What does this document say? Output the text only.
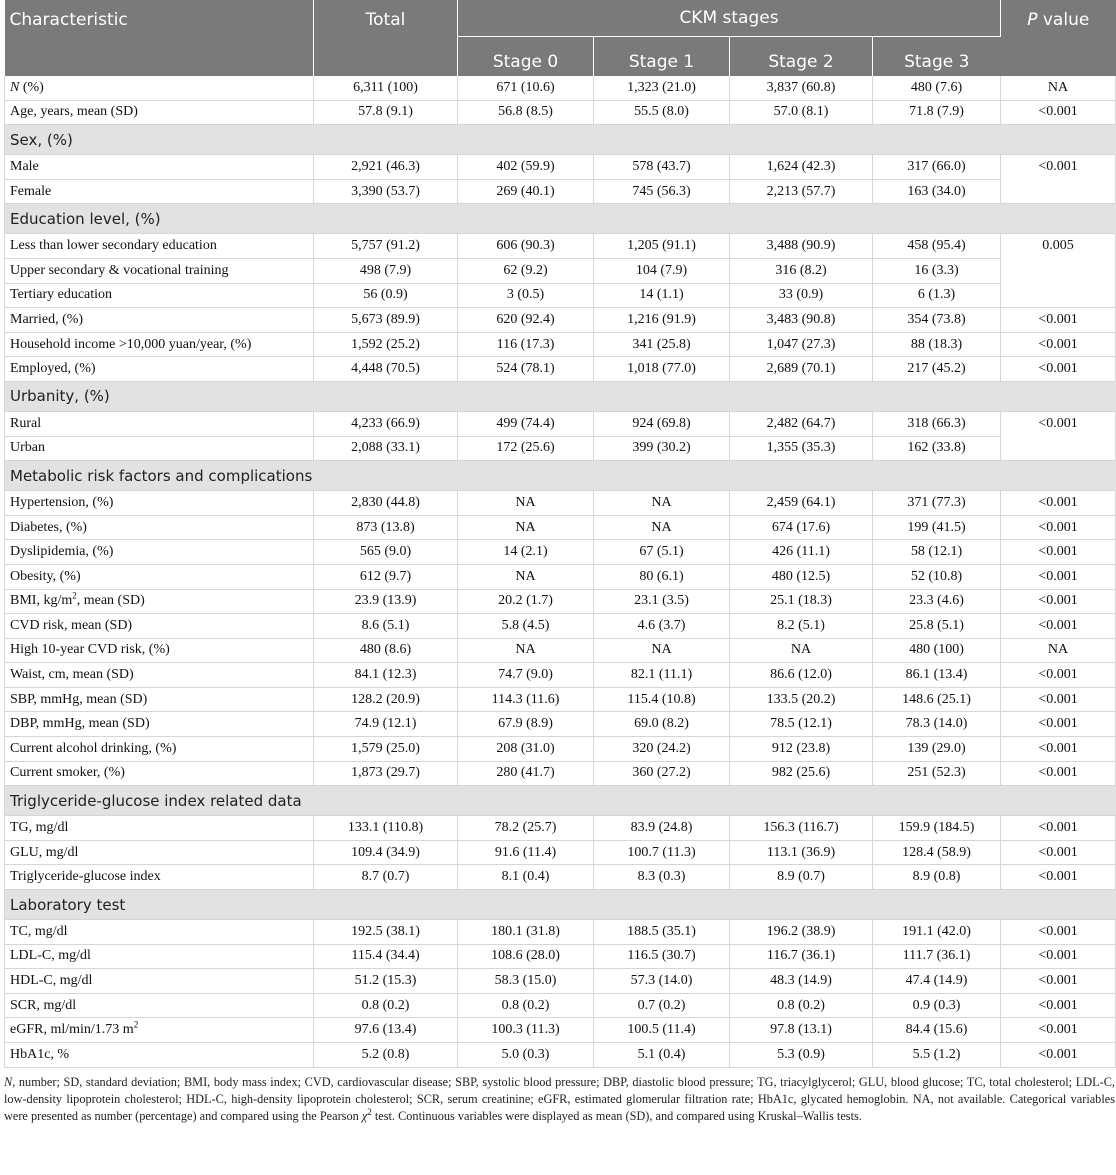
Characteristic	Total	CKM stages				P value
		Stage 0	Stage 1	Stage 2	Stage 3	
N (%)	6,311 (100)	671 (10.6)	1,323 (21.0)	3,837 (60.8)	480 (7.6)	NA
Age, years, mean (SD)	57.8 (9.1)	56.8 (8.5)	55.5 (8.0)	57.0 (8.1)	71.8 (7.9)	<0.001
Sex, (%)						
Male	2,921 (46.3)	402 (59.9)	578 (43.7)	1,624 (42.3)	317 (66.0)	<0.001
Female	3,390 (53.7)	269 (40.1)	745 (56.3)	2,213 (57.7)	163 (34.0)	
Education level, (%)						
Less than lower secondary education	5,757 (91.2)	606 (90.3)	1,205 (91.1)	3,488 (90.9)	458 (95.4)	0.005
Upper secondary & vocational training	498 (7.9)	62 (9.2)	104 (7.9)	316 (8.2)	16 (3.3)	
Tertiary education	56 (0.9)	3 (0.5)	14 (1.1)	33 (0.9)	6 (1.3)	
Married, (%)	5,673 (89.9)	620 (92.4)	1,216 (91.9)	3,483 (90.8)	354 (73.8)	<0.001
Household income >10,000 yuan/year, (%)	1,592 (25.2)	116 (17.3)	341 (25.8)	1,047 (27.3)	88 (18.3)	<0.001
Employed, (%)	4,448 (70.5)	524 (78.1)	1,018 (77.0)	2,689 (70.1)	217 (45.2)	<0.001
Urbanity, (%)						
Rural	4,233 (66.9)	499 (74.4)	924 (69.8)	2,482 (64.7)	318 (66.3)	<0.001
Urban	2,088 (33.1)	172 (25.6)	399 (30.2)	1,355 (35.3)	162 (33.8)	
Metabolic risk factors and complications						
Hypertension, (%)	2,830 (44.8)	NA	NA	2,459 (64.1)	371 (77.3)	<0.001
Diabetes, (%)	873 (13.8)	NA	NA	674 (17.6)	199 (41.5)	<0.001
Dyslipidemia, (%)	565 (9.0)	14 (2.1)	67 (5.1)	426 (11.1)	58 (12.1)	<0.001
Obesity, (%)	612 (9.7)	NA	80 (6.1)	480 (12.5)	52 (10.8)	<0.001
BMI, $kg/m^2$, mean (SD)	23.9 (13.9)	20.2 (1.7)	23.1 (3.5)	25.1 (18.3)	23.3 (4.6)	<0.001
CVD risk, mean (SD)	8.6 (5.1)	5.8 (4.5)	4.6 (3.7)	8.2 (5.1)	25.8 (5.1)	<0.001
High 10-year CVD risk, (%)	480 (8.6)	NA	NA	NA	480 (100)	NA
Waist, cm, mean (SD)	84.1 (12.3)	74.7 (9.0)	82.1 (11.1)	86.6 (12.0)	86.1 (13.4)	<0.001
SBP, mmHg, mean (SD)	128.2 (20.9)	114.3 (11.6)	115.4 (10.8)	133.5 (20.2)	148.6 (25.1)	<0.001
DBP, mmHg, mean (SD)	74.9 (12.1)	67.9 (8.9)	69.0 (8.2)	78.5 (12.1)	78.3 (14.0)	<0.001
Current alcohol drinking, (%)	1,579 (25.0)	208 (31.0)	320 (24.2)	912 (23.8)	139 (29.0)	<0.001
Current smoker, (%)	1,873 (29.7)	280 (41.7)	360 (27.2)	982 (25.6)	251 (52.3)	<0.001
Triglyceride-glucose index related data						
TG, mg/dl	133.1 (110.8)	78.2 (25.7)	83.9 (24.8)	156.3 (116.7)	159.9 (184.5)	<0.001
GLU, mg/dl	109.4 (34.9)	91.6 (11.4)	100.7 (11.3)	113.1 (36.9)	128.4 (58.9)	<0.001
Triglyceride-glucose index	8.7 (0.7)	8.1 (0.4)	8.3 (0.3)	8.9 (0.7)	8.9 (0.8)	<0.001
Laboratory test						
TC, mg/dl	192.5 (38.1)	180.1 (31.8)	188.5 (35.1)	196.2 (38.9)	191.1 (42.0)	<0.001
LDL-C, mg/dl	115.4 (34.4)	108.6 (28.0)	116.5 (30.7)	116.7 (36.1)	111.7 (36.1)	<0.001
HDL-C, mg/dl	51.2 (15.3)	58.3 (15.0)	57.3 (14.0)	48.3 (14.9)	47.4 (14.9)	<0.001
SCR, mg/dl	0.8 (0.2)	0.8 (0.2)	0.7 (0.2)	0.8 (0.2)	0.9 (0.3)	<0.001
eGFR, ml/min/1.73 $m^2$	97.6 (13.4)	100.3 (11.3)	100.5 (11.4)	97.8 (13.1)	84.4 (15.6)	<0.001
HbA1c, %	5.2 (0.8)	5.0 (0.3)	5.1 (0.4)	5.3 (0.9)	5.5 (1.2)	<0.001
N, number; SD, standard deviation; BMI, body mass index; CVD, cardiovascular disease; SBP, systolic blood pressure; DBP, diastolic blood pressure; TG, triacylglycerol; GLU, blood glucose; TC, total cholesterol; LDL-C, low-density lipoprotein cholesterol; HDL-C, high-density lipoprotein cholesterol; SCR, serum creatinine; eGFR, estimated glomerular filtration rate; HbA1c, glycated hemoglobin. NA, not available. Categorical variables were presented as number (percentage) and compared using the Pearson $\chi^2$ test. Continuous variables were displayed as mean (SD), and compared using Kruskal–Wallis tests.
